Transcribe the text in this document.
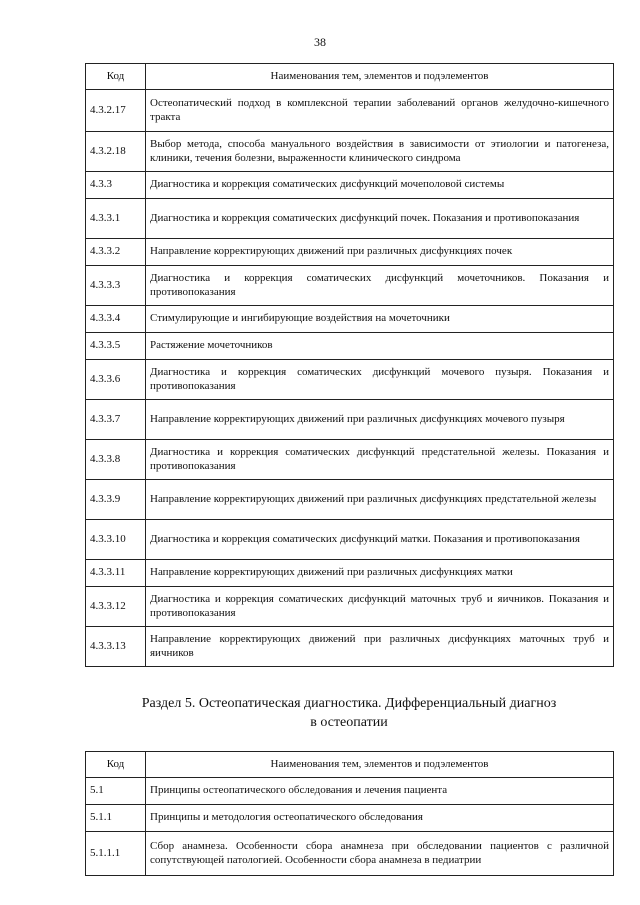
38
Код	Наименования тем, элементов и подэлементов
4.3.2.17	Остеопатический подход в комплексной терапии заболеваний органов желудочно-кишечного тракта
4.3.2.18	Выбор метода, способа мануального воздействия в зависимости от этиологии и патогенеза, клиники, течения болезни, выраженности клинического синдрома
4.3.3	Диагностика и коррекция соматических дисфункций мочеполовой системы
4.3.3.1	Диагностика и коррекция соматических дисфункций почек. Показания и противопоказания
4.3.3.2	Направление корректирующих движений при различных дисфункциях почек
4.3.3.3	Диагностика и коррекция соматических дисфункций мочеточников. Показания и противопоказания
4.3.3.4	Стимулирующие и ингибирующие воздействия на мочеточники
4.3.3.5	Растяжение мочеточников
4.3.3.6	Диагностика и коррекция соматических дисфункций мочевого пузыря. Показания и противопоказания
4.3.3.7	Направление корректирующих движений при различных дисфункциях мочевого пузыря
4.3.3.8	Диагностика и коррекция соматических дисфункций предстательной железы. Показания и противопоказания
4.3.3.9	Направление корректирующих движений при различных дисфункциях предстательной железы
4.3.3.10	Диагностика и коррекция соматических дисфункций матки. Показания и противопоказания
4.3.3.11	Направление корректирующих движений при различных дисфункциях матки
4.3.3.12	Диагностика и коррекция соматических дисфункций маточных труб и яичников. Показания и противопоказания
4.3.3.13	Направление корректирующих движений при различных дисфункциях маточных труб и яичников
Раздел 5. Остеопатическая диагностика. Дифференциальный диагноз
в остеопатии
Код	Наименования тем, элементов и подэлементов
5.1	Принципы остеопатического обследования и лечения пациента
5.1.1	Принципы и методология остеопатического обследования
5.1.1.1	Сбор анамнеза. Особенности сбора анамнеза при обследовании пациентов с различной сопутствующей патологией. Особенности сбора анамнеза в педиатрии
